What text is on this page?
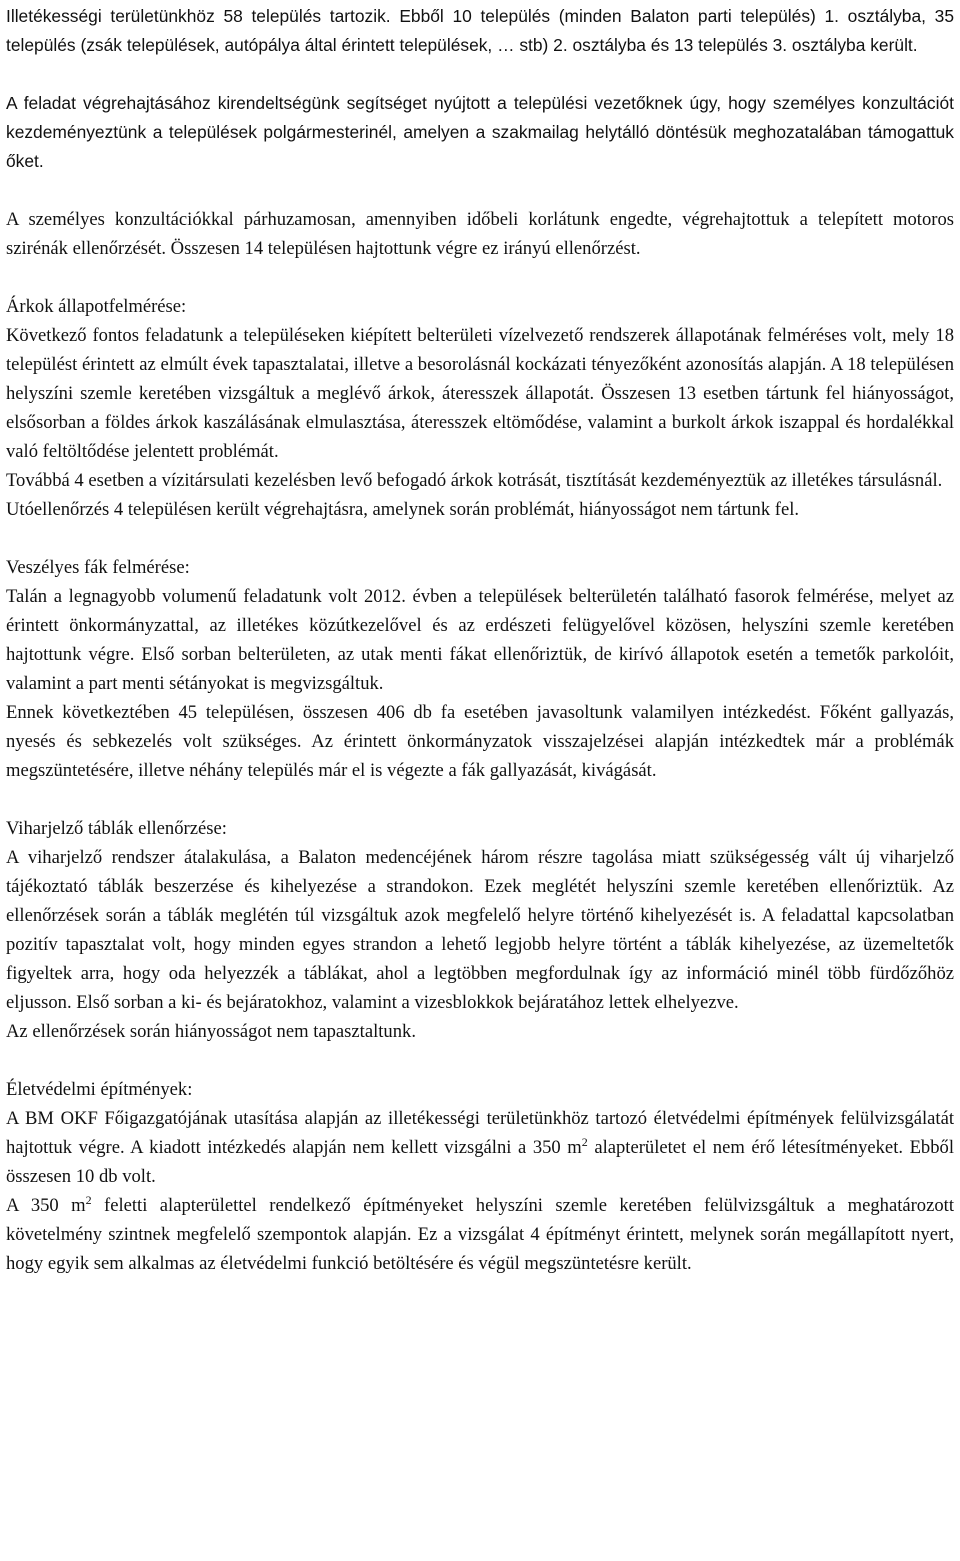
Illetékességi területünkhöz 58 település tartozik. Ebből 10 település (minden Balaton parti település) 1. osztályba, 35 település (zsák települések, autópálya által érintett települések, … stb) 2. osztályba és 13 település 3. osztályba került.

A feladat végrehajtásához kirendeltségünk segítséget nyújtott a települési vezetőknek úgy, hogy személyes konzultációt kezdeményeztünk a települések polgármesterinél, amelyen a szakmailag helytálló döntésük meghozatalában támogattuk őket.

A személyes konzultációkkal párhuzamosan, amennyiben időbeli korlátunk engedte, végrehajtottuk a telepített motoros szirénák ellenőrzését. Összesen 14 településen hajtottunk végre ez irányú ellenőrzést.

Árkok állapotfelmérése:

Következő fontos feladatunk a településeken kiépített belterületi vízelvezető rendszerek állapotának felméréses volt, mely 18 települést érintett az elmúlt évek tapasztalatai, illetve a besorolásnál kockázati tényezőként azonosítás alapján. A 18 településen helyszíni szemle keretében vizsgáltuk a meglévő árkok, áteresszek állapotát. Összesen 13 esetben tártunk fel hiányosságot, elsősorban a földes árkok kaszálásának elmulasztása, áteresszek eltömődése, valamint a burkolt árkok iszappal és hordalékkal való feltöltődése jelentett problémát.

Továbbá 4 esetben a vízitársulati kezelésben levő befogadó árkok kotrását, tisztítását kezdeményeztük az illetékes társulásnál.

Utóellenőrzés 4 településen került végrehajtásra, amelynek során problémát, hiányosságot nem tártunk fel.

Veszélyes fák felmérése:

Talán a legnagyobb volumenű feladatunk volt 2012. évben a települések belterületén található fasorok felmérése, melyet az érintett önkormányzattal, az illetékes közútkezelővel és az erdészeti felügyelővel közösen, helyszíni szemle keretében hajtottunk végre. Első sorban belterületen, az utak menti fákat ellenőriztük, de kirívó állapotok esetén a temetők parkolóit, valamint a part menti sétányokat is megvizsgáltuk.

Ennek következtében 45 településen, összesen 406 db fa esetében javasoltunk valamilyen intézkedést. Főként gallyazás, nyesés és sebkezelés volt szükséges. Az érintett önkormányzatok visszajelzései alapján intézkedtek már a problémák megszüntetésére, illetve néhány település már el is végezte a fák gallyazását, kivágását.

Viharjelző táblák ellenőrzése:

A viharjelző rendszer átalakulása, a Balaton medencéjének három részre tagolása miatt szükségesség vált új viharjelző tájékoztató táblák beszerzése és kihelyezése a strandokon. Ezek meglétét helyszíni szemle keretében ellenőriztük. Az ellenőrzések során a táblák meglétén túl vizsgáltuk azok megfelelő helyre történő kihelyezését is. A feladattal kapcsolatban pozitív tapasztalat volt, hogy minden egyes strandon a lehető legjobb helyre történt a táblák kihelyezése, az üzemeltetők figyeltek arra, hogy oda helyezzék a táblákat, ahol a legtöbben megfordulnak így az információ minél több fürdőzőhöz eljusson. Első sorban a ki- és bejáratokhoz, valamint a vizesblokkok bejáratához lettek elhelyezve.

Az ellenőrzések során hiányosságot nem tapasztaltunk.

Életvédelmi építmények:

A BM OKF Főigazgatójának utasítása alapján az illetékességi területünkhöz tartozó életvédelmi építmények felülvizsgálatát hajtottuk végre. A kiadott intézkedés alapján nem kellett vizsgálni a 350 $m^2$ alapterületet el nem érő létesítményeket. Ebből összesen 10 db volt.

A 350 $m^2$ feletti alapterülettel rendelkező építményeket helyszíni szemle keretében felülvizsgáltuk a meghatározott követelmény szintnek megfelelő szempontok alapján. Ez a vizsgálat 4 építményt érintett, melynek során megállapított nyert, hogy egyik sem alkalmas az életvédelmi funkció betöltésére és végül megszüntetésre került.
